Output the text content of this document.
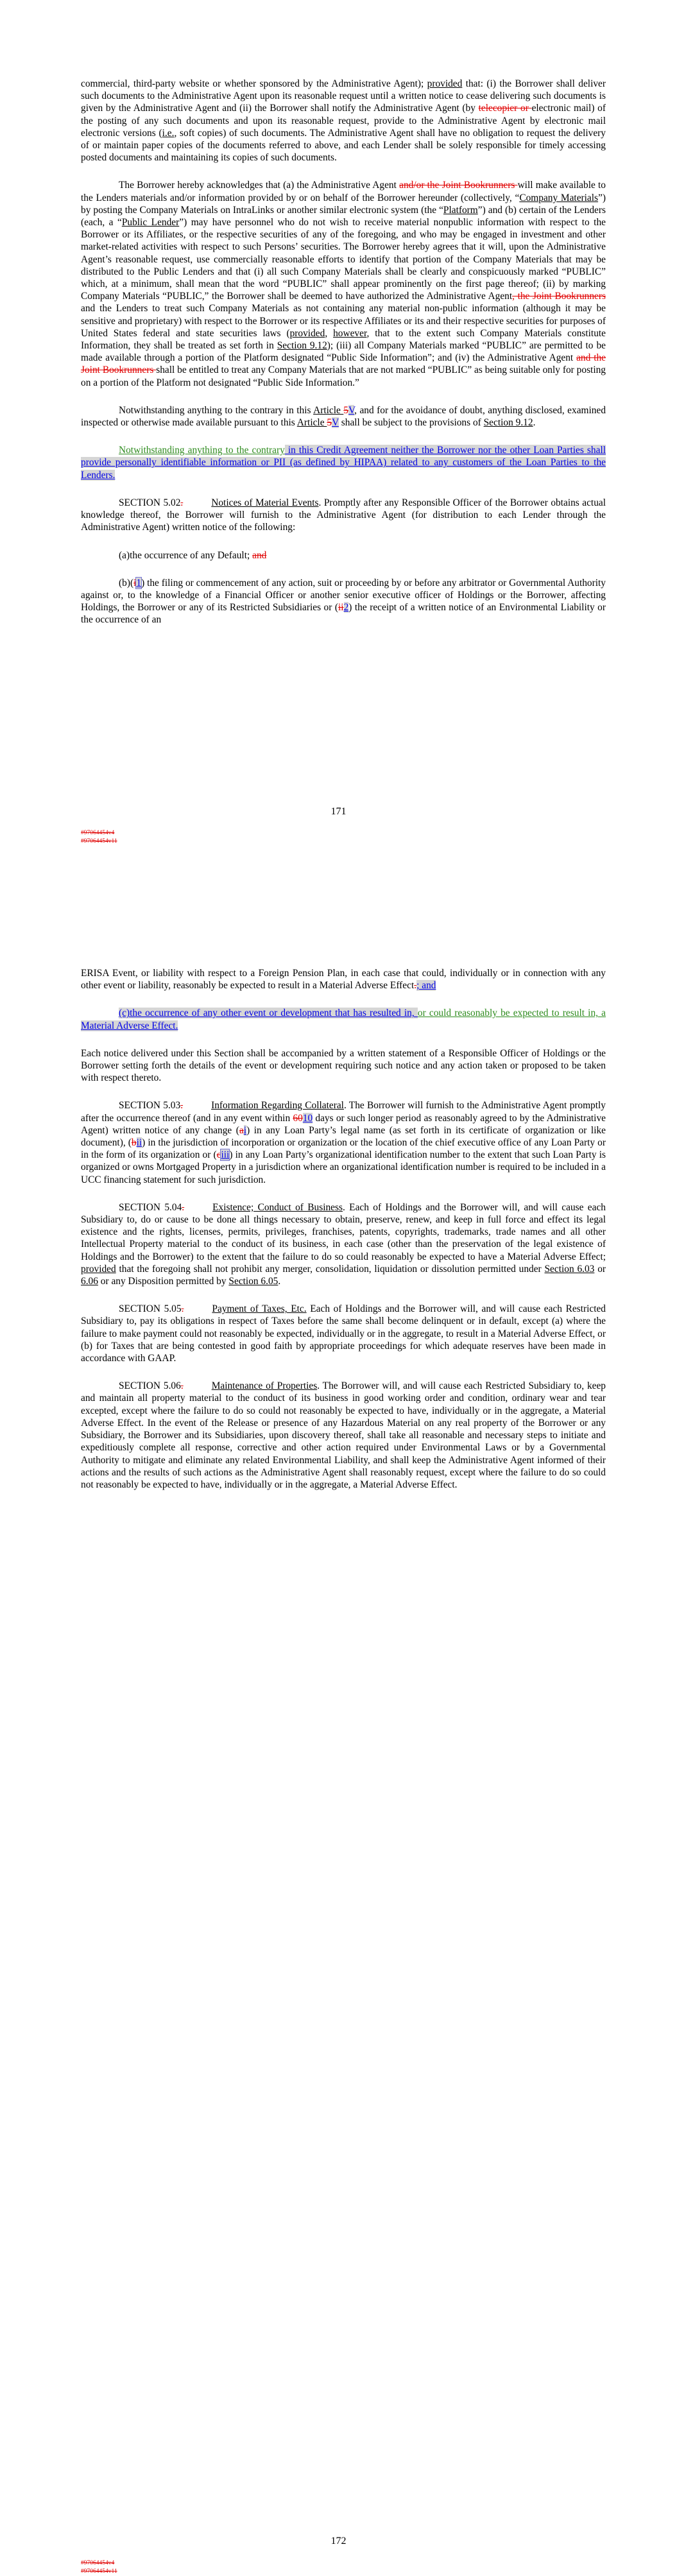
commercial, third-party website or whether sponsored by the Administrative Agent); provided that: (i) the Borrower shall deliver such documents to the Administrative Agent upon its reasonable request until a written notice to cease delivering such documents is given by the Administrative Agent and (ii) the Borrower shall notify the Administrative Agent (by telecopier or electronic mail) of the posting of any such documents and upon its reasonable request, provide to the Administrative Agent by electronic mail electronic versions (i.e., soft copies) of such documents. The Administrative Agent shall have no obligation to request the delivery of or maintain paper copies of the documents referred to above, and each Lender shall be solely responsible for timely accessing posted documents and maintaining its copies of such documents.

The Borrower hereby acknowledges that (a) the Administrative Agent and/or the Joint Bookrunners will make available to the Lenders materials and/or information provided by or on behalf of the Borrower hereunder (collectively, “Company Materials”) by posting the Company Materials on IntraLinks or another similar electronic system (the “Platform”) and (b) certain of the Lenders (each, a “Public Lender”) may have personnel who do not wish to receive material nonpublic information with respect to the Borrower or its Affiliates, or the respective securities of any of the foregoing, and who may be engaged in investment and other market-related activities with respect to such Persons’ securities. The Borrower hereby agrees that it will, upon the Administrative Agent’s reasonable request, use commercially reasonable efforts to identify that portion of the Company Materials that may be distributed to the Public Lenders and that (i) all such Company Materials shall be clearly and conspicuously marked “PUBLIC” which, at a minimum, shall mean that the word “PUBLIC” shall appear prominently on the first page thereof; (ii) by marking Company Materials “PUBLIC,” the Borrower shall be deemed to have authorized the Administrative Agent, the Joint Bookrunners and the Lenders to treat such Company Materials as not containing any material non-public information (although it may be sensitive and proprietary) with respect to the Borrower or its respective Affiliates or its and their respective securities for purposes of United States federal and state securities laws (provided, however, that to the extent such Company Materials constitute Information, they shall be treated as set forth in Section 9.12); (iii) all Company Materials marked “PUBLIC” are permitted to be made available through a portion of the Platform designated “Public Side Information”; and (iv) the Administrative Agent and the Joint Bookrunners shall be entitled to treat any Company Materials that are not marked “PUBLIC” as being suitable only for posting on a portion of the Platform not designated “Public Side Information.”

Notwithstanding anything to the contrary in this Article 5V, and for the avoidance of doubt, anything disclosed, examined inspected or otherwise made available pursuant to this Article 5V shall be subject to the provisions of Section 9.12.

Notwithstanding anything to the contrary in this Credit Agreement neither the Borrower nor the other Loan Parties shall provide personally identifiable information or PII (as defined by HIPAA) related to any customers of the Loan Parties to the Lenders.

SECTION 5.02.	Notices of Material Events. Promptly after any Responsible Officer of the Borrower obtains actual knowledge thereof, the Borrower will furnish to the Administrative Agent (for distribution to each Lender through the Administrative Agent) written notice of the following:

(a)the occurrence of any Default; and

(b)(i1) the filing or commencement of any action, suit or proceeding by or before any arbitrator or Governmental Authority against or, to the knowledge of a Financial Officer or another senior executive officer of Holdings or the Borrower, affecting Holdings, the Borrower or any of its Restricted Subsidiaries or (ii2) the receipt of a written notice of an Environmental Liability or the occurrence of an

171
#97064454v4
#97064454v11

ERISA Event, or liability with respect to a Foreign Pension Plan, in each case that could, individually or in connection with any other event or liability, reasonably be expected to result in a Material Adverse Effect.; and

(c)the occurrence of any other event or development that has resulted in, or could reasonably be expected to result in, a Material Adverse Effect.

Each notice delivered under this Section shall be accompanied by a written statement of a Responsible Officer of Holdings or the Borrower setting forth the details of the event or development requiring such notice and any action taken or proposed to be taken with respect thereto.

SECTION 5.03.	Information Regarding Collateral. The Borrower will furnish to the Administrative Agent promptly after the occurrence thereof (and in any event within 6010 days or such longer period as reasonably agreed to by the Administrative Agent) written notice of any change (ai) in any Loan Party’s legal name (as set forth in its certificate of organization or like document), (bii) in the jurisdiction of incorporation or organization or the location of the chief executive office of any Loan Party or in the form of its organization or (ciii) in any Loan Party’s organizational identification number to the extent that such Loan Party is organized or owns Mortgaged Property in a jurisdiction where an organizational identification number is required to be included in a UCC financing statement for such jurisdiction.

SECTION 5.04.	Existence; Conduct of Business. Each of Holdings and the Borrower will, and will cause each Subsidiary to, do or cause to be done all things necessary to obtain, preserve, renew, and keep in full force and effect its legal existence and the rights, licenses, permits, privileges, franchises, patents, copyrights, trademarks, trade names and all other Intellectual Property material to the conduct of its business, in each case (other than the preservation of the legal existence of Holdings and the Borrower) to the extent that the failure to do so could reasonably be expected to have a Material Adverse Effect; provided that the foregoing shall not prohibit any merger, consolidation, liquidation or dissolution permitted under Section 6.03 or 6.06 or any Disposition permitted by Section 6.05.

SECTION 5.05.	Payment of Taxes, Etc. Each of Holdings and the Borrower will, and will cause each Restricted Subsidiary to, pay its obligations in respect of Taxes before the same shall become delinquent or in default, except (a) where the failure to make payment could not reasonably be expected, individually or in the aggregate, to result in a Material Adverse Effect, or (b) for Taxes that are being contested in good faith by appropriate proceedings for which adequate reserves have been made in accordance with GAAP.

SECTION 5.06.	Maintenance of Properties. The Borrower will, and will cause each Restricted Subsidiary to, keep and maintain all property material to the conduct of its business in good working order and condition, ordinary wear and tear excepted, except where the failure to do so could not reasonably be expected to have, individually or in the aggregate, a Material Adverse Effect. In the event of the Release or presence of any Hazardous Material on any real property of the Borrower or any Subsidiary, the Borrower and its Subsidiaries, upon discovery thereof, shall take all reasonable and necessary steps to initiate and expeditiously complete all response, corrective and other action required under Environmental Laws or by a Governmental Authority to mitigate and eliminate any related Environmental Liability, and shall keep the Administrative Agent informed of their actions and the results of such actions as the Administrative Agent shall reasonably request, except where the failure to do so could not reasonably be expected to have, individually or in the aggregate, a Material Adverse Effect.

172
#97064454v4
#97064454v11
